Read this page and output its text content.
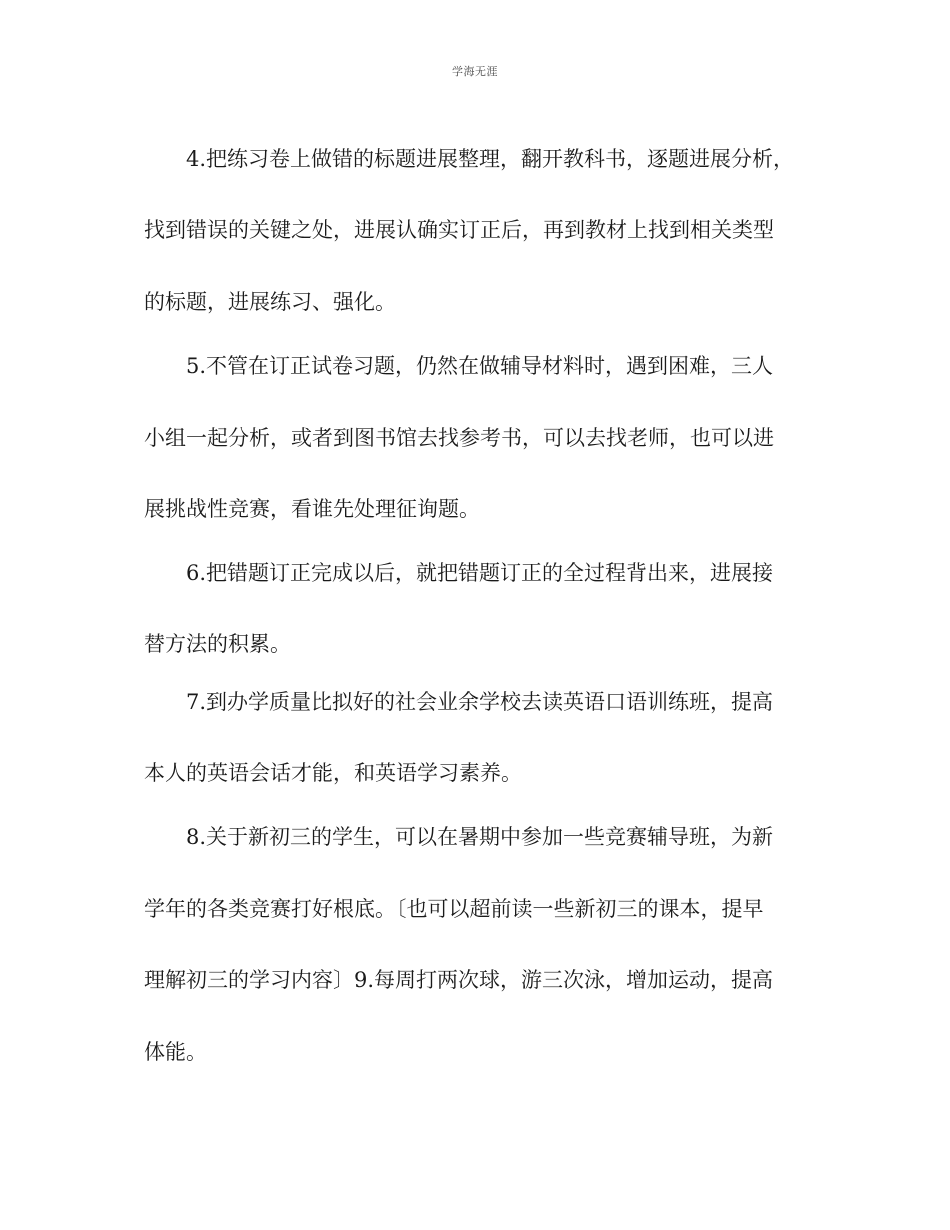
学海无涯
4.把练习卷上做错的标题进展整理，翻开教科书，逐题进展分析，
找到错误的关键之处，进展认确实订正后，再到教材上找到相关类型
的标题，进展练习、强化。
5.不管在订正试卷习题，仍然在做辅导材料时，遇到困难，三人
小组一起分析，或者到图书馆去找参考书，可以去找老师，也可以进
展挑战性竞赛，看谁先处理征询题。
6.把错题订正完成以后，就把错题订正的全过程背出来，进展接
替方法的积累。
7.到办学质量比拟好的社会业余学校去读英语口语训练班，提高
本人的英语会话才能，和英语学习素养。
8.关于新初三的学生，可以在暑期中参加一些竞赛辅导班，为新
学年的各类竞赛打好根底。〔也可以超前读一些新初三的课本，提早
理解初三的学习内容〕9.每周打两次球，游三次泳，增加运动，提高
体能。
